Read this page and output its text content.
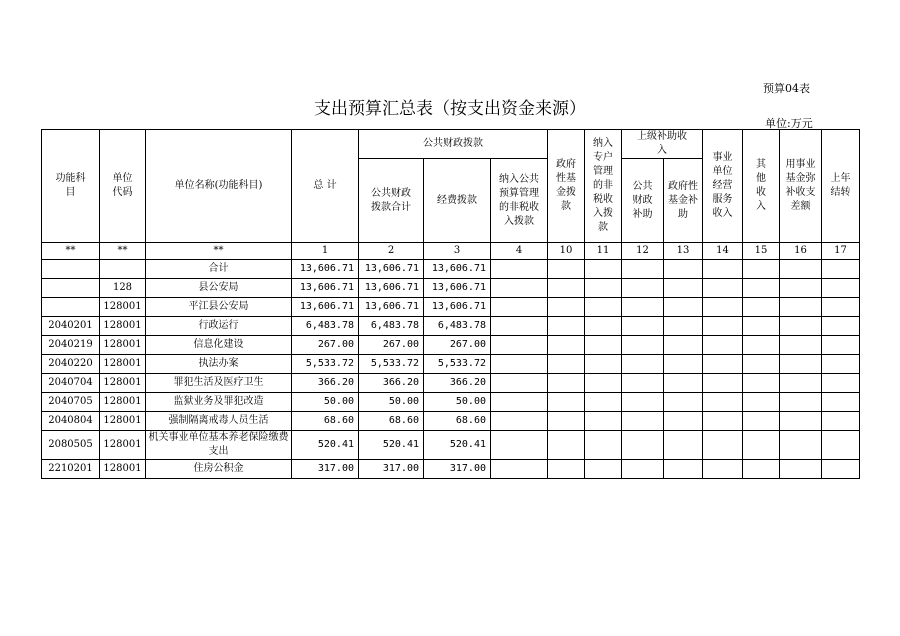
预算04表
支出预算汇总表（按支出资金来源）
单位:万元
功能科目	单位代码	单位名称(功能科目)	总 计	公共财政拨款			政府性基金拨款	纳入专户管理的非税收入拨款	上级补助收入		事业单位经营服务收入	其他收入	用事业基金弥补收支差额	上年结转
				公共财政拨款合计	经费拨款	纳入公共预算管理的非税收入拨款			公共财政补助	政府性基金补助				
**	**	**	1	2	3	4	10	11	12	13	14	15	16	17
		合计	13,606.71	13,606.71	13,606.71									
	128	县公安局	13,606.71	13,606.71	13,606.71									
	128001	平江县公安局	13,606.71	13,606.71	13,606.71									
2040201	128001	行政运行	6,483.78	6,483.78	6,483.78									
2040219	128001	信息化建设	267.00	267.00	267.00									
2040220	128001	执法办案	5,533.72	5,533.72	5,533.72									
2040704	128001	罪犯生活及医疗卫生	366.20	366.20	366.20									
2040705	128001	监狱业务及罪犯改造	50.00	50.00	50.00									
2040804	128001	强制隔离戒毒人员生活	68.60	68.60	68.60									
2080505	128001	机关事业单位基本养老保险缴费支出	520.41	520.41	520.41									
2210201	128001	住房公积金	317.00	317.00	317.00									
